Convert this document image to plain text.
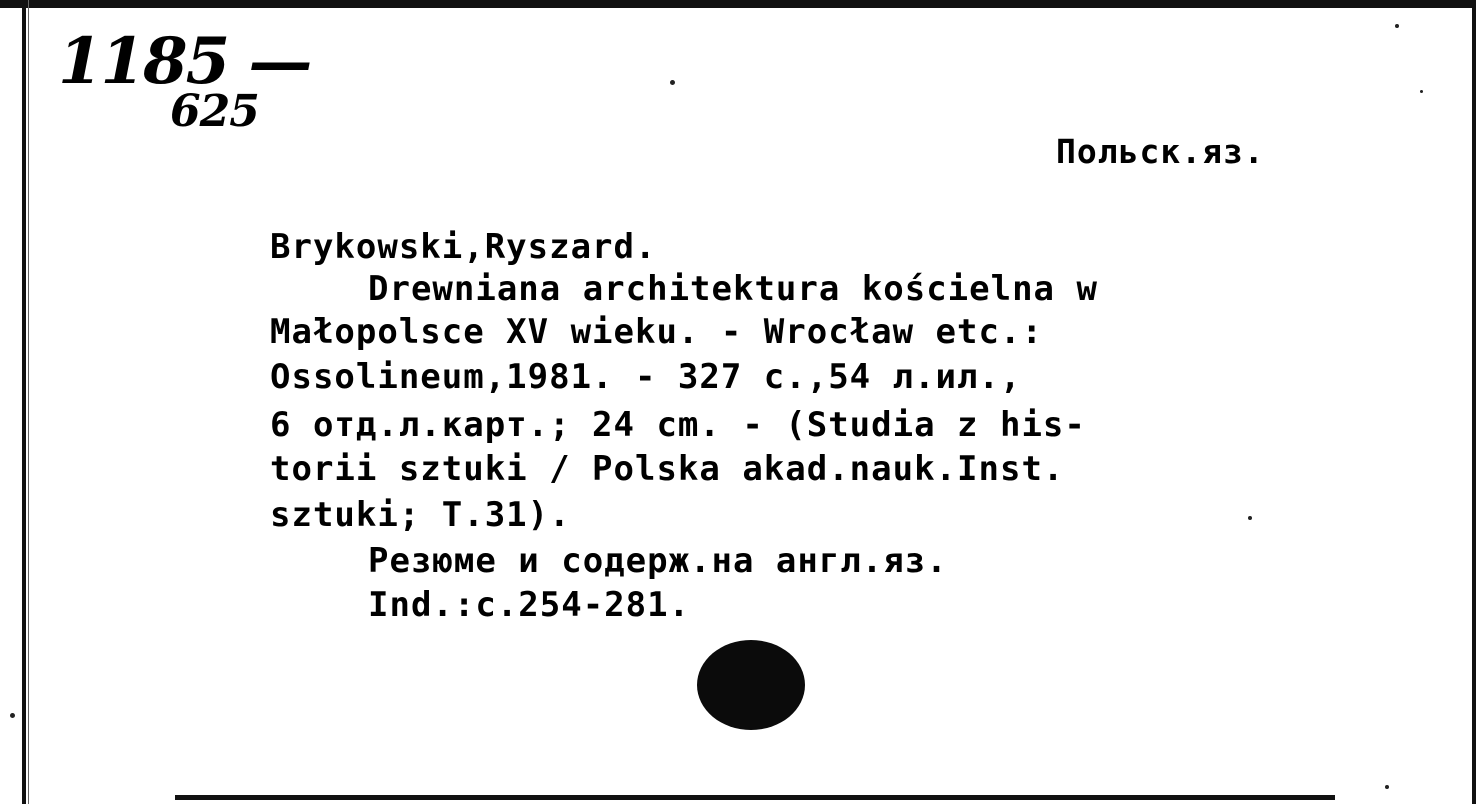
1185 —
625
Польск.яз.
Brykowski,Ryszard.
Drewniana architektura kościelna w
Małopolsce XV wieku. - Wrocław etc.:
Ossolineum,1981. - 327 с.,54 л.ил.,
6 отд.л.карт.; 24 cm. - (Studia z his-
torii sztuki / Polska akad.nauk.Inst.
sztuki; T.31).
Резюме и содерж.на англ.яз.
Ind.:c.254-281.
